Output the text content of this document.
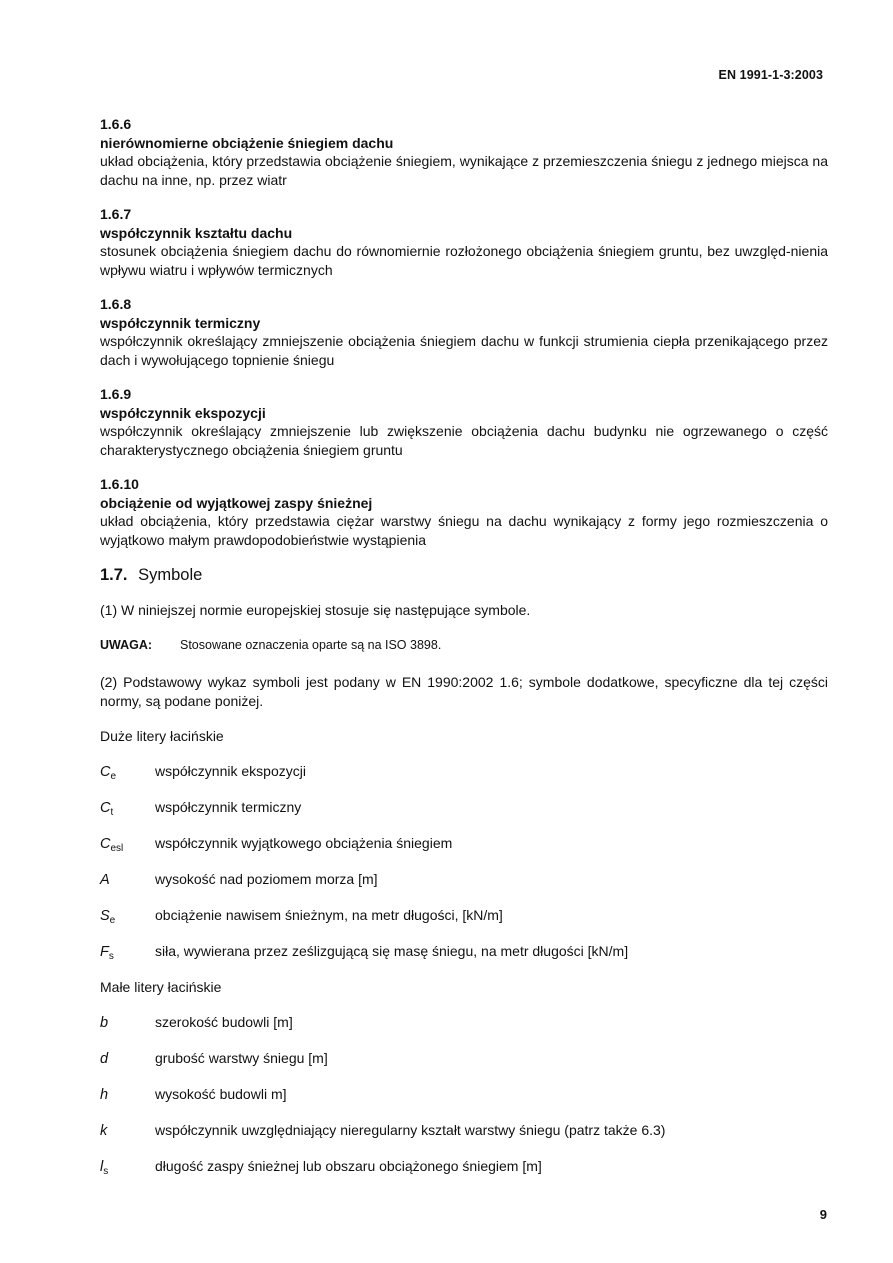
EN 1991-1-3:2003
1.6.6
nierównomierne obciążenie śniegiem dachu
układ obciążenia, który przedstawia obciążenie śniegiem, wynikające z przemieszczenia śniegu z jednego miejsca na dachu na inne, np. przez wiatr
1.6.7
współczynnik kształtu dachu
stosunek obciążenia śniegiem dachu do równomiernie rozłożonego obciążenia śniegiem gruntu, bez uwzględ-nienia wpływu wiatru i wpływów termicznych
1.6.8
współczynnik termiczny
współczynnik określający zmniejszenie obciążenia śniegiem dachu w funkcji strumienia ciepła przenikającego przez dach i wywołującego topnienie śniegu
1.6.9
współczynnik ekspozycji
współczynnik określający zmniejszenie lub zwiększenie obciążenia dachu budynku nie ogrzewanego o część charakterystycznego obciążenia śniegiem gruntu
1.6.10
obciążenie od wyjątkowej zaspy śnieżnej
układ obciążenia, który przedstawia ciężar warstwy śniegu na dachu wynikający z formy jego rozmieszczenia o wyjątkowo małym prawdopodobieństwie wystąpienia
1.7. Symbole
(1) W niniejszej normie europejskiej stosuje się następujące symbole.
UWAGA: Stosowane oznaczenia oparte są na ISO 3898.
(2) Podstawowy wykaz symboli jest podany w EN 1990:2002 1.6; symbole dodatkowe, specyficzne dla tej części normy, są podane poniżej.
Duże litery łacińskie
$C_e$	współczynnik ekspozycji
$C_t$	współczynnik termiczny
$C_{esl}$	współczynnik wyjątkowego obciążenia śniegiem
A	wysokość nad poziomem morza [m]
$S_e$	obciążenie nawisem śnieżnym, na metr długości, [kN/m]
$F_s$	siła, wywierana przez ześlizgującą się masę śniegu, na metr długości [kN/m]
Małe litery łacińskie
b	szerokość budowli [m]
d	grubość warstwy śniegu [m]
h	wysokość budowli m]
k	współczynnik uwzględniający nieregularny kształt warstwy śniegu (patrz także 6.3)
$l_s$	długość zaspy śnieżnej lub obszaru obciążonego śniegiem [m]
9
